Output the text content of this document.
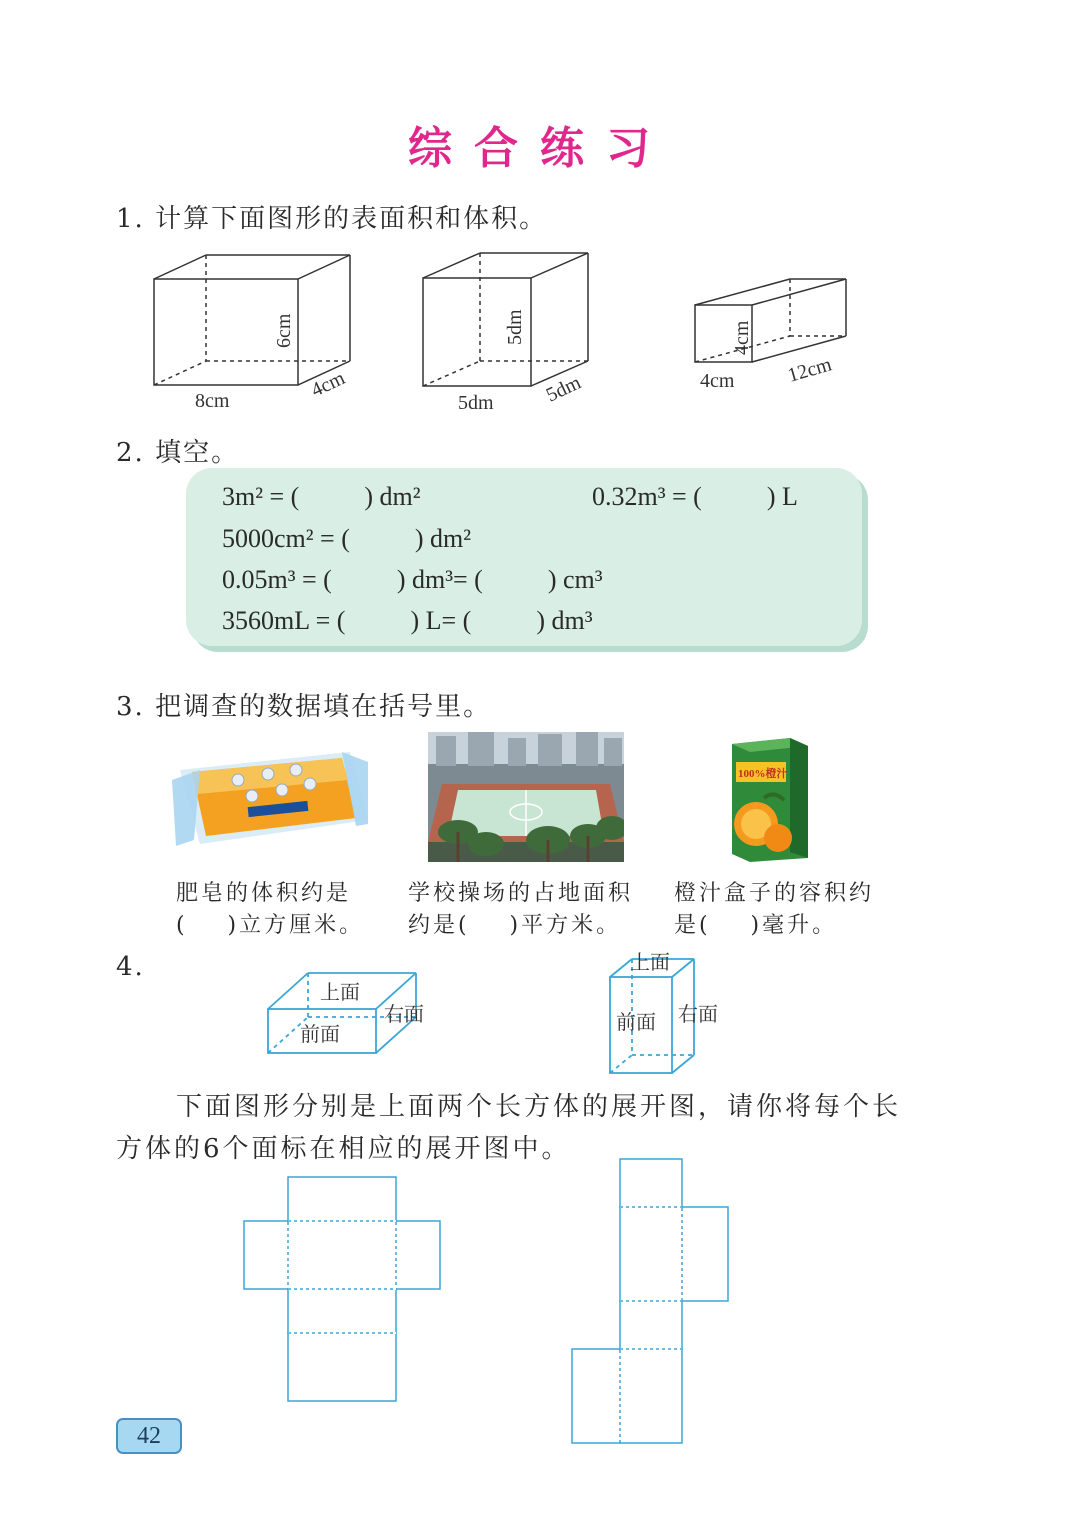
综合练习
1. 计算下面图形的表面积和体积。
6cm
8cm	4cm
5dm
5dm 5dm
4cm
4cm	12cm
2. 填空。
3m² = (          ) dm²	0.32m³ = (          ) L
5000cm² = (          ) dm²
0.05m³ = (          ) dm³= (          ) cm³
3560mL = (          ) L= (          ) dm³
3. 把调查的数据填在括号里。
100%橙汁
肥皂的体积约是
(    )立方厘米。
学校操场的占地面积
约是(    )平方米。
橙汁盒子的容积约
是(    )毫升。
4.
上面
前面
右面
上面
前面 右面
下面图形分别是上面两个长方体的展开图，请你将每个长
方体的6个面标在相应的展开图中。
42
